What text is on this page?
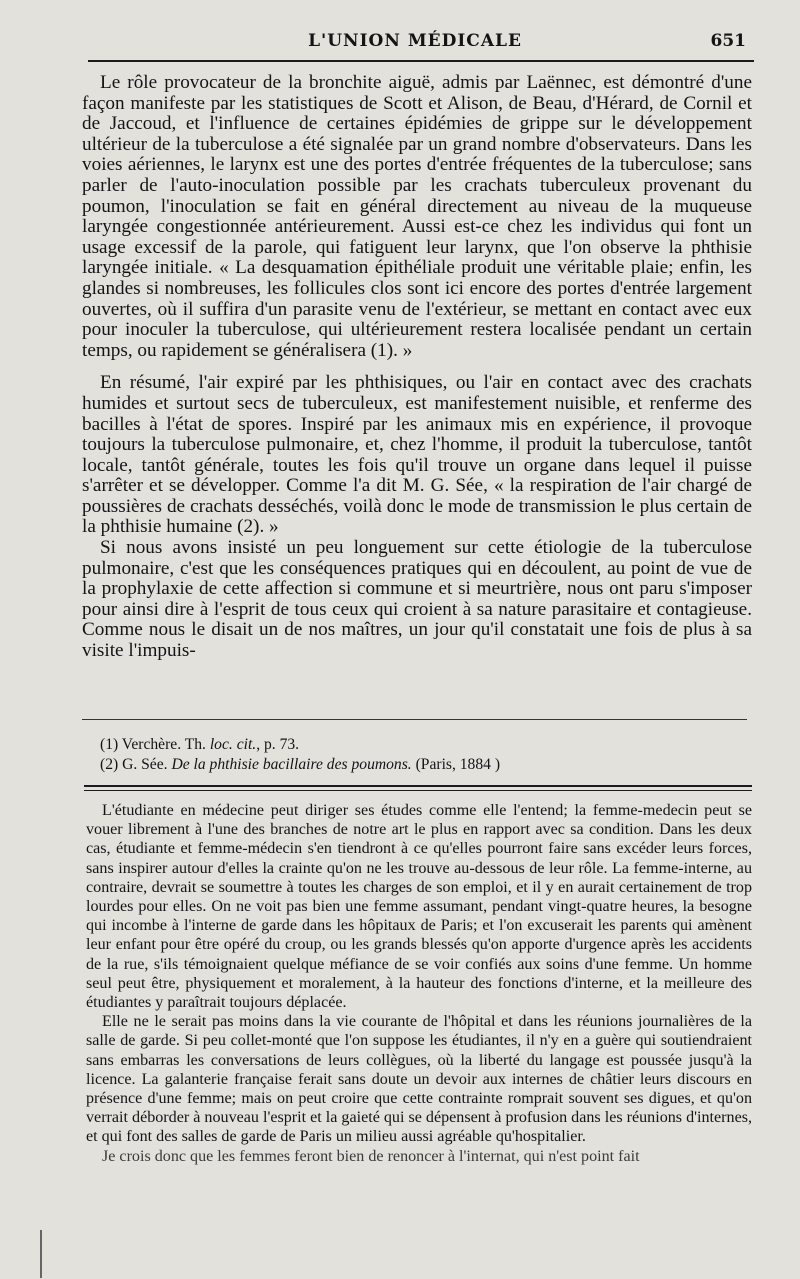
L'UNION MÉDICALE	651

Le rôle provocateur de la bronchite aiguë, admis par Laënnec, est démontré d'une façon manifeste par les statistiques de Scott et Alison, de Beau, d'Hérard, de Cornil et de Jaccoud, et l'influence de certaines épidémies de grippe sur le développement ultérieur de la tuberculose a été signalée par un grand nombre d'observateurs. Dans les voies aériennes, le larynx est une des portes d'entrée fréquentes de la tuberculose; sans parler de l'auto-inoculation possible par les crachats tuberculeux provenant du poumon, l'inoculation se fait en général directement au niveau de la muqueuse laryngée congestionnée antérieurement. Aussi est-ce chez les individus qui font un usage excessif de la parole, qui fatiguent leur larynx, que l'on observe la phthisie laryngée initiale. « La desquamation épithéliale produit une véritable plaie; enfin, les glandes si nombreuses, les follicules clos sont ici encore des portes d'entrée largement ouvertes, où il suffira d'un parasite venu de l'extérieur, se mettant en contact avec eux pour inoculer la tuberculose, qui ultérieurement restera localisée pendant un certain temps, ou rapidement se généralisera (1). »

En résumé, l'air expiré par les phthisiques, ou l'air en contact avec des crachats humides et surtout secs de tuberculeux, est manifestement nuisible, et renferme des bacilles à l'état de spores. Inspiré par les animaux mis en expérience, il provoque toujours la tuberculose pulmonaire, et, chez l'homme, il produit la tuberculose, tantôt locale, tantôt générale, toutes les fois qu'il trouve un organe dans lequel il puisse s'arrêter et se développer. Comme l'a dit M. G. Sée, « la respiration de l'air chargé de poussières de crachats desséchés, voilà donc le mode de transmission le plus certain de la phthisie humaine (2). »

Si nous avons insisté un peu longuement sur cette étiologie de la tuberculose pulmonaire, c'est que les conséquences pratiques qui en découlent, au point de vue de la prophylaxie de cette affection si commune et si meurtrière, nous ont paru s'imposer pour ainsi dire à l'esprit de tous ceux qui croient à sa nature parasitaire et contagieuse. Comme nous le disait un de nos maîtres, un jour qu'il constatait une fois de plus à sa visite l'impuis-

(1) Verchère. Th. loc. cit., p. 73.
(2) G. Sée. De la phthisie bacillaire des poumons. (Paris, 1884 )

L'étudiante en médecine peut diriger ses études comme elle l'entend; la femme-medecin peut se vouer librement à l'une des branches de notre art le plus en rapport avec sa condition. Dans les deux cas, étudiante et femme-médecin s'en tiendront à ce qu'elles pourront faire sans excéder leurs forces, sans inspirer autour d'elles la crainte qu'on ne les trouve au-dessous de leur rôle. La femme-interne, au contraire, devrait se soumettre à toutes les charges de son emploi, et il y en aurait certainement de trop lourdes pour elles. On ne voit pas bien une femme assumant, pendant vingt-quatre heures, la besogne qui incombe à l'interne de garde dans les hôpitaux de Paris; et l'on excuserait les parents qui amènent leur enfant pour être opéré du croup, ou les grands blessés qu'on apporte d'urgence après les accidents de la rue, s'ils témoignaient quelque méfiance de se voir confiés aux soins d'une femme. Un homme seul peut être, physiquement et moralement, à la hauteur des fonctions d'interne, et la meilleure des étudiantes y paraîtrait toujours déplacée.

Elle ne le serait pas moins dans la vie courante de l'hôpital et dans les réunions journalières de la salle de garde. Si peu collet-monté que l'on suppose les étudiantes, il n'y en a guère qui soutiendraient sans embarras les conversations de leurs collègues, où la liberté du langage est poussée jusqu'à la licence. La galanterie française ferait sans doute un devoir aux internes de châtier leurs discours en présence d'une femme; mais on peut croire que cette contrainte romprait souvent ses digues, et qu'on verrait déborder à nouveau l'esprit et la gaieté qui se dépensent à profusion dans les réunions d'internes, et qui font des salles de garde de Paris un milieu aussi agréable qu'hospitalier.

Je crois donc que les femmes feront bien de renoncer à l'internat, qui n'est point fait
